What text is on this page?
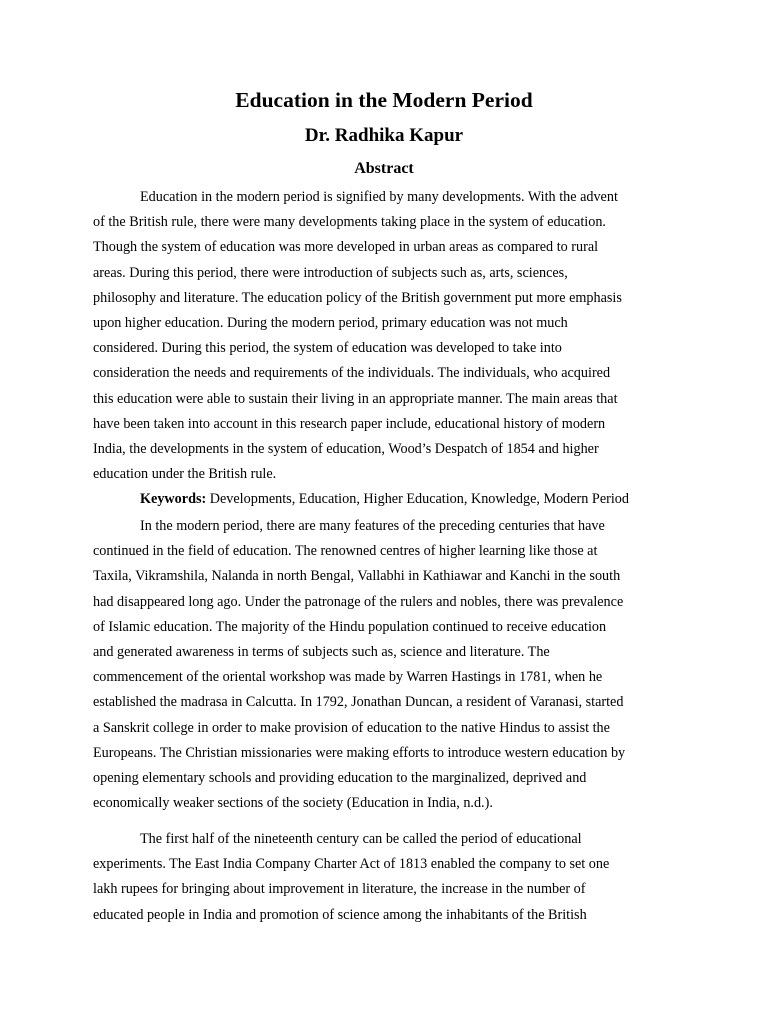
Education in the Modern Period
Dr. Radhika Kapur
Abstract
Education in the modern period is signified by many developments. With the advent
of the British rule, there were many developments taking place in the system of education.
Though the system of education was more developed in urban areas as compared to rural
areas. During this period, there were introduction of subjects such as, arts, sciences,
philosophy and literature. The education policy of the British government put more emphasis
upon higher education. During the modern period, primary education was not much
considered. During this period, the system of education was developed to take into
consideration the needs and requirements of the individuals. The individuals, who acquired
this education were able to sustain their living in an appropriate manner. The main areas that
have been taken into account in this research paper include, educational history of modern
India, the developments in the system of education, Wood’s Despatch of 1854 and higher
education under the British rule.
Keywords: Developments, Education, Higher Education, Knowledge, Modern Period
In the modern period, there are many features of the preceding centuries that have
continued in the field of education. The renowned centres of higher learning like those at
Taxila, Vikramshila, Nalanda in north Bengal, Vallabhi in Kathiawar and Kanchi in the south
had disappeared long ago. Under the patronage of the rulers and nobles, there was prevalence
of Islamic education. The majority of the Hindu population continued to receive education
and generated awareness in terms of subjects such as, science and literature. The
commencement of the oriental workshop was made by Warren Hastings in 1781, when he
established the madrasa in Calcutta. In 1792, Jonathan Duncan, a resident of Varanasi, started
a Sanskrit college in order to make provision of education to the native Hindus to assist the
Europeans. The Christian missionaries were making efforts to introduce western education by
opening elementary schools and providing education to the marginalized, deprived and
economically weaker sections of the society (Education in India, n.d.).
The first half of the nineteenth century can be called the period of educational
experiments. The East India Company Charter Act of 1813 enabled the company to set one
lakh rupees for bringing about improvement in literature, the increase in the number of
educated people in India and promotion of science among the inhabitants of the British
